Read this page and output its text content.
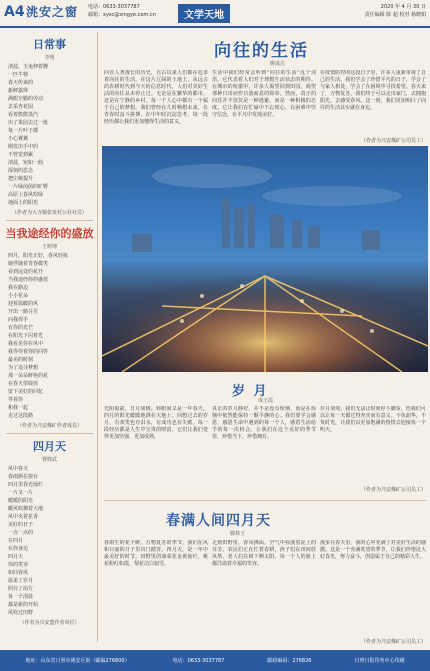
A4 洮安之窗 电话：0633-3037787
邮箱：xysc@xingye.com.cn	文学天地
2020 年 4 月 30 日
责任编辑 陈 超 校对 杨晓娟
日常事
李明
清晨，玉兔伸着腰
一匹牛犊
春天传来的
新鲜露珠
满眼辛勤的劳动
去采杏花园
看着熊熊蒸汽
出了果园去过一批
每一片叶子都
小心翼翼
刚发出手中的
不曾觉到累
清晨，宛如一曲
深刻的思念
把庄稼提升
一片绿茵茵的旷野
高原上春风吹绿
地面上的阳光
（作者为大寺镇张发村公社社员）
当我途经你的盛放
王树坤
四月，阳光正好，春风轻抚
她伴随着青春微笑
看到远处的花开
当我途经你的盛放
我在路边
小小花朵
迎着温暖的风
开出一路芬芳
向我挥手
有你的光芒
在阳光下闪着光
我看见你在风中
我等待着你的回答
最美的时刻
为了追寻梦想
那一朵朵鲜艳的花
在春天里绽放
留下美好的回忆
等着你
和我一起
走过这段路
（作者为兴安煤矿作者成员）
四月天
曹晓武
风中春天
春雨洒在窗台
四月里春光灿烂
一片又一片
暖暖的阳光
暖风吹拂着大地
风中夹着花香
美好的日子
一点一点的
在四月
在你身边
四月天
你的笑容
如同春风
温柔了岁月
照亮了前方
每一个清晨
都是新的开始
风吹过田野
（作者为兴安盟作者单位）
向往的生活
姚成岳
回首人类漫长的历史，自古以来人们都在追求着向往的生活。在这片辽阔的土地上，从远古的农耕时代到今天的信息时代，人们对美好生活的向往从未停止过。无论是在繁华的都市，还是在宁静的乡村，每一个人心中都有一个属于自己的梦想。我们曾经在儿时畅想未来，在青春时奋斗拼搏，在中年时沉淀思考，每一段经历都让我们更加懂得生活的意义。
生活中我们经常会听到“向往的生活”这个词语，它代表着人们对于理想生活状态的期待。在城市的喧嚣中，许多人渴望回到田园，渴望那种日出而作日落而息的简单。然而，真正的向往并不仅仅是一种逃避，而是一种积极的态度。它让我们在忙碌中不忘初心，在困难中坚守信念，在平凡中发现美好。
在疫情防控的这段日子里，许多人重新审视了自己的生活。我们学会了珍惜平凡的日子，学会了与家人相处，学会了在困境中寻找希望。春天来了，万物复苏，我们终于可以走出家门，去拥抱阳光，去感受春风。这一刻，我们更加明白了向往的生活其实就在身边。
（作者为兴安煤矿公司员工）
岁 月
成玉霞
光阴似箭，日月如梭。转眼间又是一年春天，四月的阳光暖暖地洒在大地上。回想过去的岁月，有欢笑也有泪水，有成功也有失败。每一段经历都是人生中宝贵的财富，它们让我们变得更加坚强，更加成熟。
真正的岁月静好，并不是没有烦恼，而是在烦恼中依然能保持一颗平静的心。我们要学会感恩，感恩生命中遇到的每一个人，感恩生活给予的每一次机会。让我们在这个美好的季节里，珍惜当下，珍惜拥有。
岁月匆匆，我们无法让时间停下脚步，但我们可以让每一天都过得充实而有意义。不负韶华，不负时光，让我们以更加饱满的热情去迎接每一个明天。
（作者为兴安煤矿公司员工）
春满人间四月天
滕林玉
春雨生的花个鲜，万物复苏的季节，我们在风和日丽的日子里出门踏青。四月天，是一年中最美好的时节。田野里的油菜花金黄灿烂，桃花粉红如霞，梨花洁白似雪。
走到田野里，春风拂面，空气中弥漫着泥土的芬芳。农民们正在忙着春耕，孩子们在田间放风筝，老人们在树下晒太阳。每一个人的脸上都洋溢着幸福的笑容。
漫步在春天里，我的心中充满了对美好生活的感激。这是一个充满希望的季节，让我们珍惜这大好春光，努力奋斗，创造属于自己的精彩人生。
（作者为兴安煤矿公司员工）
地址：山东省日照市洮安区街（邮编276800）	电话：0633-3037787	邮政编码：276826	日照日报印务中心印刷
